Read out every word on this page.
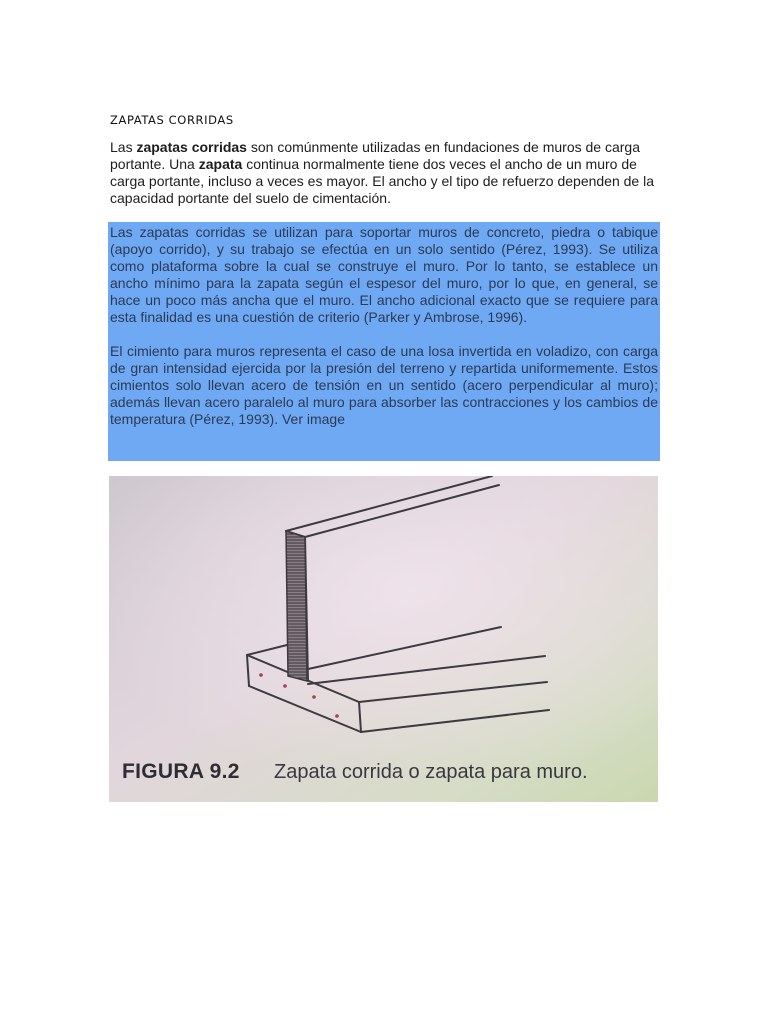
ZAPATAS CORRIDAS
Las zapatas corridas son comúnmente utilizadas en fundaciones de muros de carga portante. Una zapata continua normalmente tiene dos veces el ancho de un muro de carga portante, incluso a veces es mayor. El ancho y el tipo de refuerzo dependen de la capacidad portante del suelo de cimentación.

Las zapatas corridas se utilizan para soportar muros de concreto, piedra o tabique (apoyo corrido), y su trabajo se efectúa en un solo sentido (Pérez, 1993). Se utiliza como plataforma sobre la cual se construye el muro. Por lo tanto, se establece un ancho mínimo para la zapata según el espesor del muro, por lo que, en general, se hace un poco más ancha que el muro. El ancho adicional exacto que se requiere para esta finalidad es una cuestión de criterio (Parker y Ambrose, 1996).

El cimiento para muros representa el caso de una losa invertida en voladizo, con carga de gran intensidad ejercida por la presión del terreno y repartida uniformemente. Estos cimientos solo llevan acero de tensión en un sentido (acero perpendicular al muro); además llevan acero paralelo al muro para absorber las contracciones y los cambios de temperatura (Pérez, 1993). Ver image

FIGURA 9.2 Zapata corrida o zapata para muro.
